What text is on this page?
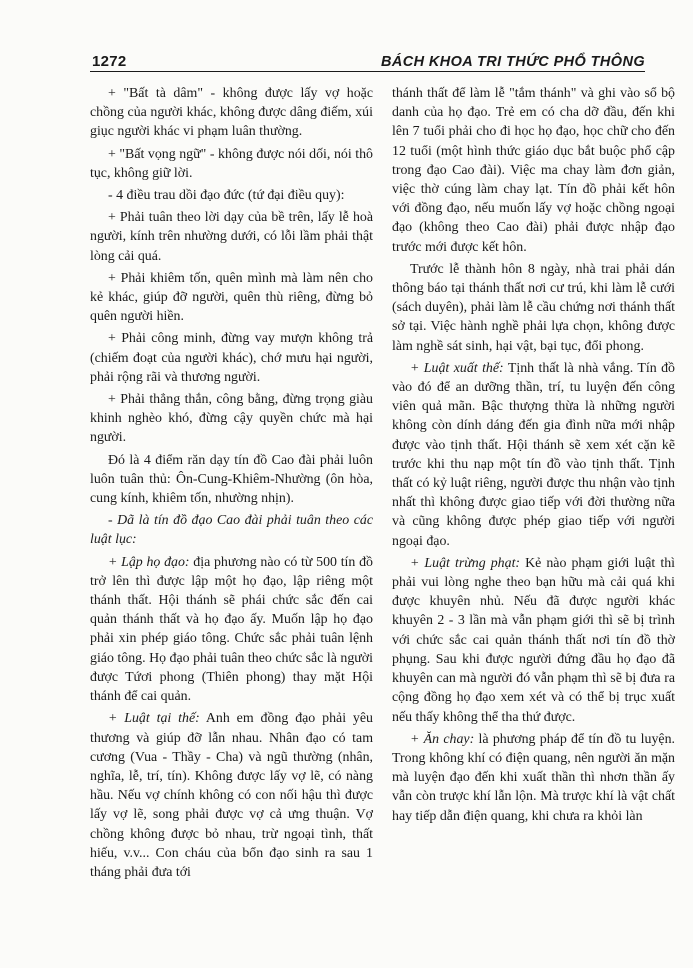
1272	BÁCH KHOA TRI THỨC PHỔ THÔNG

+ "Bất tà dâm" - không được lấy vợ hoặc chồng của người khác, không được dâng điếm, xúi giục người khác vi phạm luân thường.

+ "Bất vọng ngữ" - không được nói dối, nói thô tục, không giữ lời.

- 4 điều trau dồi đạo đức (tứ đại điều quy):

+ Phải tuân theo lời dạy của bề trên, lấy lễ hoà người, kính trên nhường dưới, có lỗi lầm phải thật lòng cải quá.

+ Phải khiêm tốn, quên mình mà làm nên cho kẻ khác, giúp đỡ người, quên thù riêng, đừng bỏ quên người hiền.

+ Phải công minh, đừng vay mượn không trả (chiếm đoạt của người khác), chớ mưu hại người, phải rộng rãi và thương người.

+ Phải thẳng thắn, công bằng, đừng trọng giàu khinh nghèo khó, đừng cậy quyền chức mà hại người.

Đó là 4 điểm răn dạy tín đồ Cao đài phải luôn luôn tuân thủ: Ôn-Cung-Khiêm-Nhường (ôn hòa, cung kính, khiêm tốn, nhường nhịn).

- Dã là tín đồ đạo Cao đài phải tuân theo các luật lục:

+ Lập họ đạo: địa phương nào có từ 500 tín đồ trở lên thì được lập một họ đạo, lập riêng một thánh thất. Hội thánh sẽ phái chức sắc đến cai quản thánh thất và họ đạo ấy. Muốn lập họ đạo phải xin phép giáo tông. Chức sắc phải tuân lệnh giáo tông. Họ đạo phải tuân theo chức sắc là người được Tứơi phong (Thiên phong) thay mặt Hội thánh để cai quản.

+ Luật tại thế: Anh em đồng đạo phải yêu thương và giúp đỡ lẫn nhau. Nhân đạo có tam cương (Vua - Thầy - Cha) và ngũ thường (nhân, nghĩa, lễ, trí, tín). Không được lấy vợ lẽ, có nàng hầu. Nếu vợ chính không có con nối hậu thì được lấy vợ lẽ, song phải được vợ cả ưng thuận. Vợ chồng không được bỏ nhau, trừ ngoại tình, thất hiếu, v.v... Con cháu của bổn đạo sinh ra sau 1 tháng phải đưa tới

thánh thất để làm lễ "tắm thánh" và ghi vào sổ bộ danh của họ đạo. Trẻ em có cha dỡ đầu, đến khi lên 7 tuổi phải cho đi học họ đạo, học chữ cho đến 12 tuổi (một hình thức giáo dục bắt buộc phổ cập trong đạo Cao đài). Việc ma chay làm đơn giản, việc thờ cúng làm chay lạt. Tín đồ phải kết hôn với đồng đạo, nếu muốn lấy vợ hoặc chồng ngoại đạo (không theo Cao đài) phải được nhập đạo trước mới được kết hôn.

Trước lễ thành hôn 8 ngày, nhà trai phải dán thông báo tại thánh thất nơi cư trú, khi làm lễ cưới (sách duyên), phải làm lễ cầu chứng nơi thánh thất sở tại. Việc hành nghề phải lựa chọn, không được làm nghề sát sinh, hại vật, bại tục, đổi phong.

+ Luật xuất thế: Tịnh thất là nhà vắng. Tín đồ vào đó để an dưỡng thần, trí, tu luyện đến công viên quả mãn. Bậc thượng thừa là những người không còn dính dáng đến gia đình nữa mới nhập được vào tịnh thất. Hội thánh sẽ xem xét cặn kẽ trước khi thu nạp một tín đồ vào tịnh thất. Tịnh thất có kỷ luật riêng, người được thu nhận vào tịnh nhất thì không được giao tiếp với đời thường nữa và cũng không được phép giao tiếp với người ngoại đạo.

+ Luật trừng phạt: Kẻ nào phạm giới luật thì phải vui lòng nghe theo bạn hữu mà cải quá khi được khuyên nhủ. Nếu đã được người khác khuyên 2 - 3 lần mà vẫn phạm giới thì sẽ bị trình với chức sắc cai quản thánh thất nơi tín đồ thờ phụng. Sau khi được người đứng đầu họ đạo đã khuyên can mà người đó vẫn phạm thì sẽ bị đưa ra cộng đồng họ đạo xem xét và có thể bị trục xuất nếu thấy không thể tha thứ được.

+ Ăn chay: là phương pháp để tín đồ tu luyện. Trong không khí có điện quang, nên người ăn mặn mà luyện đạo đến khi xuất thần thì nhơn thần ấy vẫn còn trược khí lẫn lộn. Mà trược khí là vật chất hay tiếp dẫn điện quang, khi chưa ra khỏi làn
